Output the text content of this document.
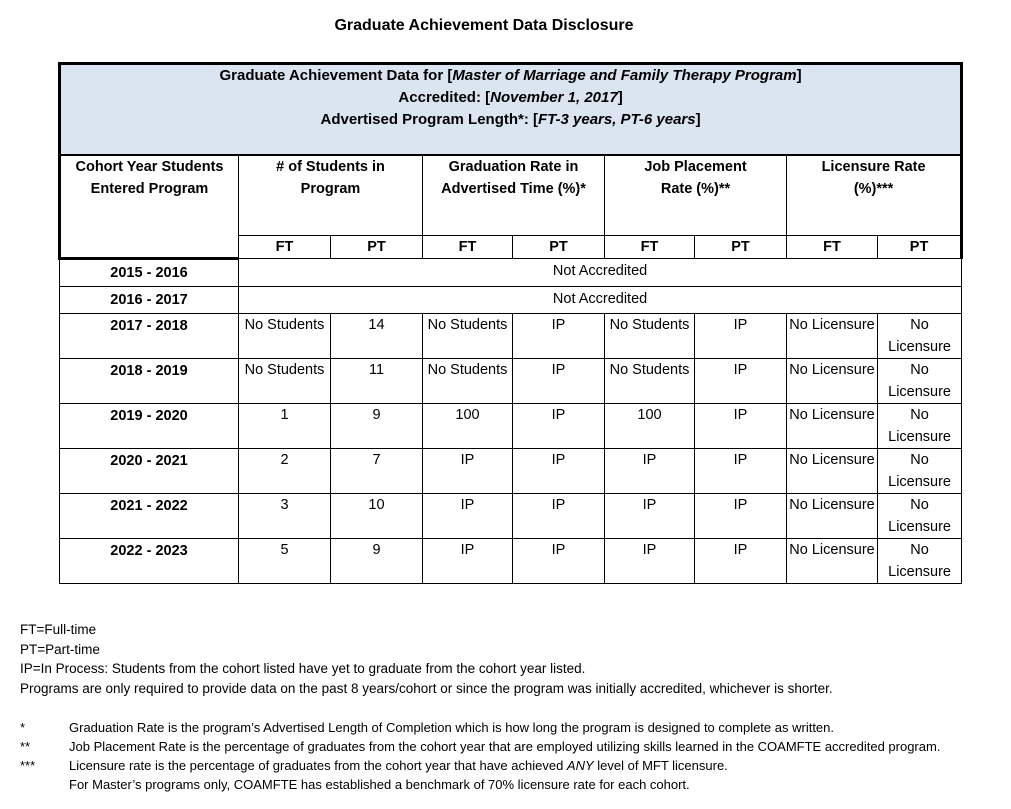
Graduate Achievement Data Disclosure
Graduate Achievement Data for [Master of Marriage and Family Therapy Program]
Accredited: [November 1, 2017]
Advertised Program Length*: [FT-3 years, PT-6 years]								

Cohort Year Students Entered Program	# of Students in Program		Graduation Rate in Advertised Time (%)*		Job Placement Rate (%)**		Licensure Rate (%)***	

	FT	PT	FT	PT	FT	PT	FT	PT
2015 - 2016	Not Accredited							
2016 - 2017	Not Accredited							
2017 - 2018	No Students	14	No Students	IP	No Students	IP	No Licensure	No Licensure
2018 - 2019	No Students	11	No Students	IP	No Students	IP	No Licensure	No Licensure
2019 - 2020	1	9	100	IP	100	IP	No Licensure	No Licensure
2020 - 2021	2	7	IP	IP	IP	IP	No Licensure	No Licensure
2021 - 2022	3	10	IP	IP	IP	IP	No Licensure	No Licensure
2022 - 2023	5	9	IP	IP	IP	IP	No Licensure	No Licensure
FT=Full-time
PT=Part-time
IP=In Process: Students from the cohort listed have yet to graduate from the cohort year listed.
Programs are only required to provide data on the past 8 years/cohort or since the program was initially accredited, whichever is shorter.
*	Graduation Rate is the program’s Advertised Length of Completion which is how long the program is designed to complete as written.
**	Job Placement Rate is the percentage of graduates from the cohort year that are employed utilizing skills learned in the COAMFTE accredited program.
***	Licensure rate is the percentage of graduates from the cohort year that have achieved ANY level of MFT licensure.
For Master’s programs only, COAMFTE has established a benchmark of 70% licensure rate for each cohort.
